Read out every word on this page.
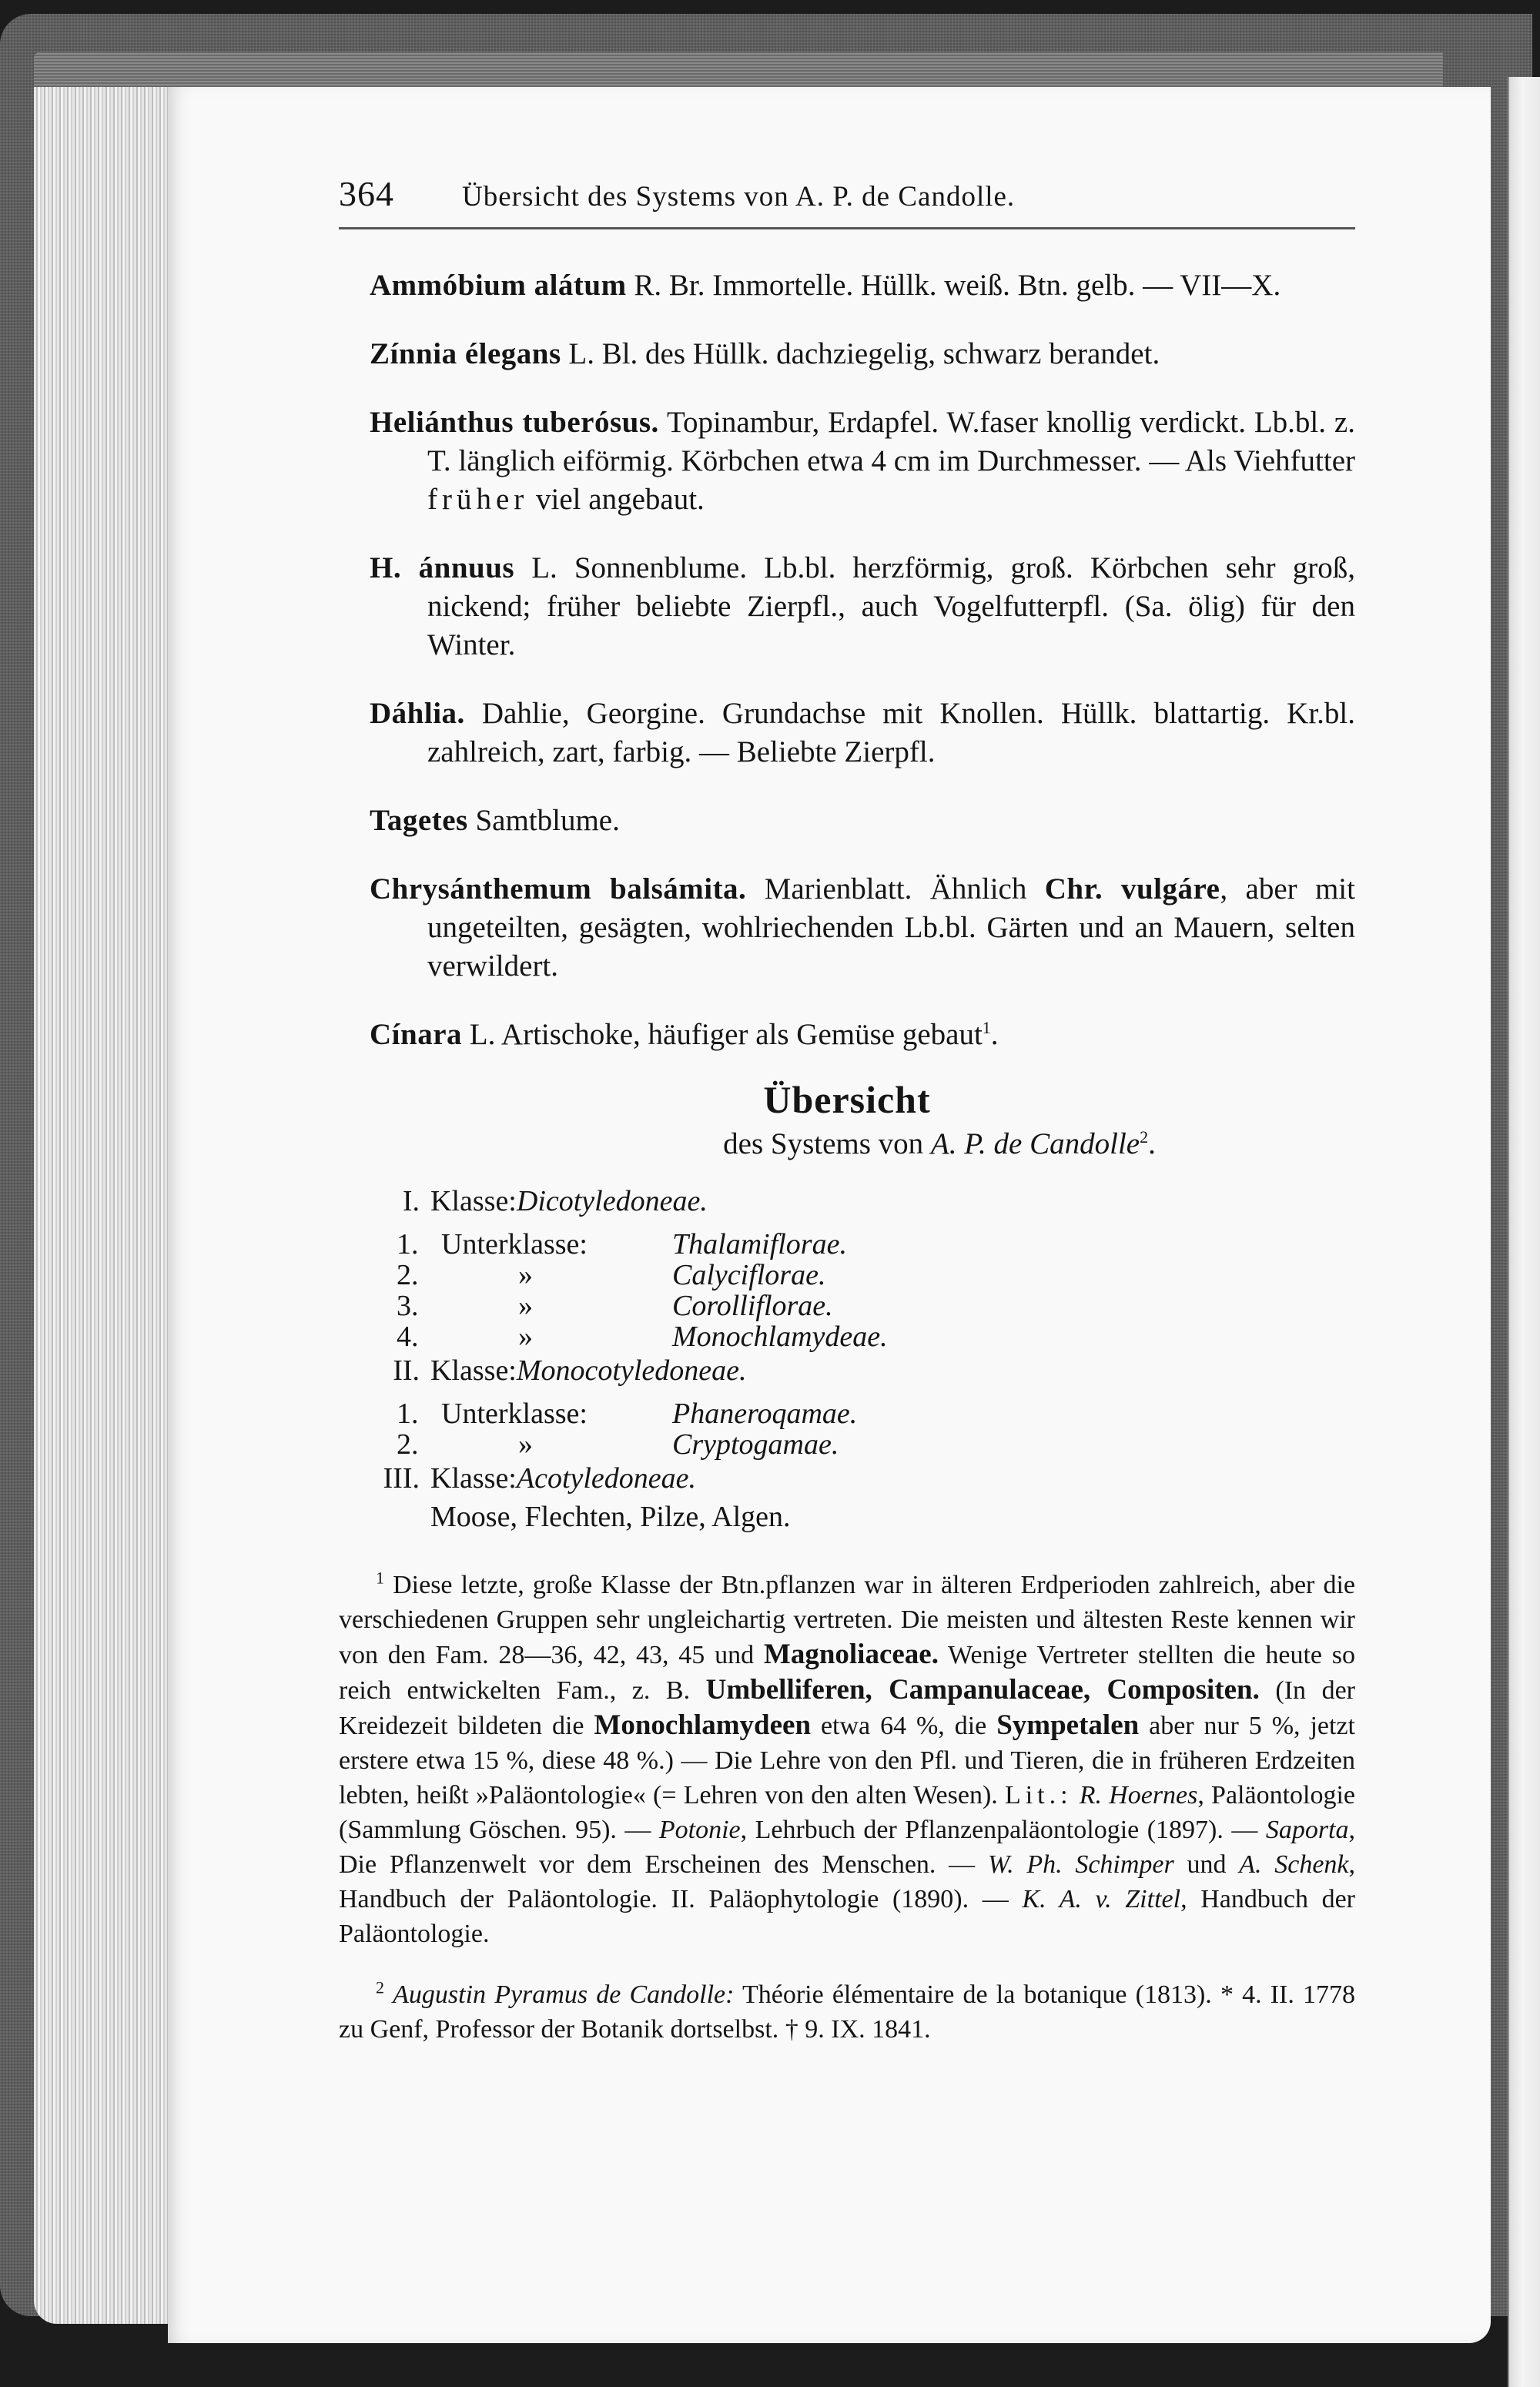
364	Übersicht des Systems von A. P. de Candolle.

Ammóbium alátum R. Br. Immortelle. Hüllk. weiß. Btn. gelb. — VII—X.

Zínnia élegans L. Bl. des Hüllk. dachziegelig, schwarz berandet.

Heliánthus tuberósus. Topinambur, Erdapfel. W.faser knollig verdickt. Lb.bl. z. T. länglich eiförmig. Körbchen etwa 4 cm im Durchmesser. — Als Viehfutter früher viel angebaut.

H. ánnuus L. Sonnenblume. Lb.bl. herzförmig, groß. Körbchen sehr groß, nickend; früher beliebte Zierpfl., auch Vogelfutterpfl. (Sa. ölig) für den Winter.

Dáhlia. Dahlie, Georgine. Grundachse mit Knollen. Hüllk. blattartig. Kr.bl. zahlreich, zart, farbig. — Beliebte Zierpfl.

Tagetes Samtblume.

Chrysánthemum balsámita. Marienblatt. Ähnlich Chr. vulgáre, aber mit ungeteilten, gesägten, wohlriechenden Lb.bl. Gärten und an Mauern, selten verwildert.

Cínara L. Artischoke, häufiger als Gemüse gebaut$^1$.

Übersicht
des Systems von A. P. de Candolle$^2$.
I. Klasse: Dicotyledoneae.
1. Unterklasse:	Thalamiflorae.
2.	»	Calyciflorae.
3.	»	Corolliflorae.
4.	»	Monochlamydeae.
II. Klasse: Monocotyledoneae.
1. Unterklasse:	Phaneroqamae.
2.	»	Cryptogamae.
III. Klasse: Acotyledoneae.
Moose, Flechten, Pilze, Algen.

$^1$ Diese letzte, große Klasse der Btn.pflanzen war in älteren Erdperioden zahlreich, aber die verschiedenen Gruppen sehr ungleichartig vertreten. Die meisten und ältesten Reste kennen wir von den Fam. 28—36, 42, 43, 45 und Magnoliaceae. Wenige Vertreter stellten die heute so reich entwickelten Fam., z. B. Umbelliferen, Campanulaceae, Compositen. (In der Kreidezeit bildeten die Monochlamydeen etwa 64 %, die Sympetalen aber nur 5 %, jetzt erstere etwa 15 %, diese 48 %.) — Die Lehre von den Pfl. und Tieren, die in früheren Erdzeiten lebten, heißt »Paläontologie« (= Lehren von den alten Wesen). Lit.: R. Hoernes, Paläontologie (Sammlung Göschen. 95). — Potonie, Lehrbuch der Pflanzenpaläontologie (1897). — Saporta, Die Pflanzenwelt vor dem Erscheinen des Menschen. — W. Ph. Schimper und A. Schenk, Handbuch der Paläontologie. II. Paläophytologie (1890). — K. A. v. Zittel, Handbuch der Paläontologie.

$^2$ Augustin Pyramus de Candolle: Théorie élémentaire de la botanique (1813). * 4. II. 1778 zu Genf, Professor der Botanik dortselbst. † 9. IX. 1841.
